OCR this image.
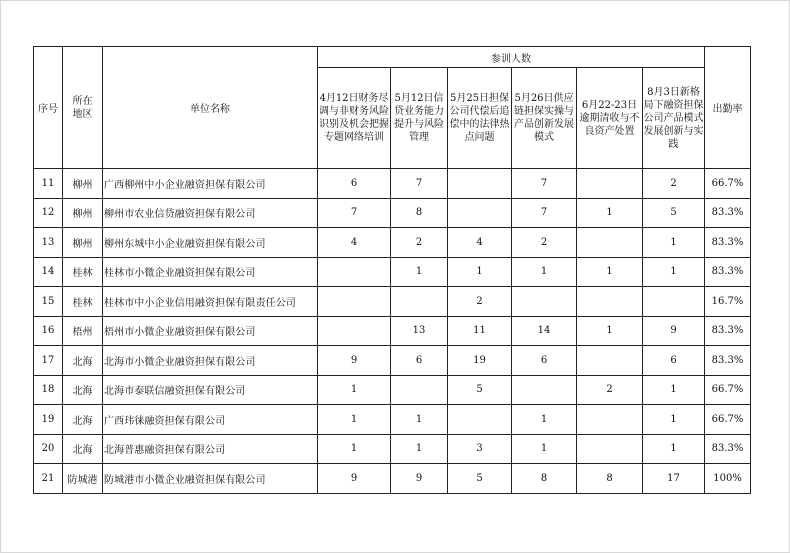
序号	所在地区	单位名称	参训人数						出勤率
			4月12日财务尽调与非财务风险识别及机会把握专题网络培训	5月12日信贷业务能力提升与风险管理	5月25日担保公司代偿后追偿中的法律热点问题	5月26日供应链担保实操与产品创新发展模式	6月22-23日逾期清收与不良资产处置	8月3日新格局下融资担保公司产品模式发展创新与实践	
11	柳州	广西柳州中小企业融资担保有限公司	6	7		7		2	66.7%
12	柳州	柳州市农业信贷融资担保有限公司	7	8		7	1	5	83.3%
13	柳州	柳州东城中小企业融资担保有限公司	4	2	4	2		1	83.3%
14	桂林	桂林市小微企业融资担保有限公司		1	1	1	1	1	83.3%
15	桂林	桂林市中小企业信用融资担保有限责任公司			2				16.7%
16	梧州	梧州市小微企业融资担保有限公司		13	11	14	1	9	83.3%
17	北海	北海市小微企业融资担保有限公司	9	6	19	6		6	83.3%
18	北海	北海市泰联信融资担保有限公司	1		5		2	1	66.7%
19	北海	广西玮徕融资担保有限公司	1	1		1		1	66.7%
20	北海	北海普惠融资担保有限公司	1	1	3	1		1	83.3%
21	防城港	防城港市小微企业融资担保有限公司	9	9	5	8	8	17	100%
